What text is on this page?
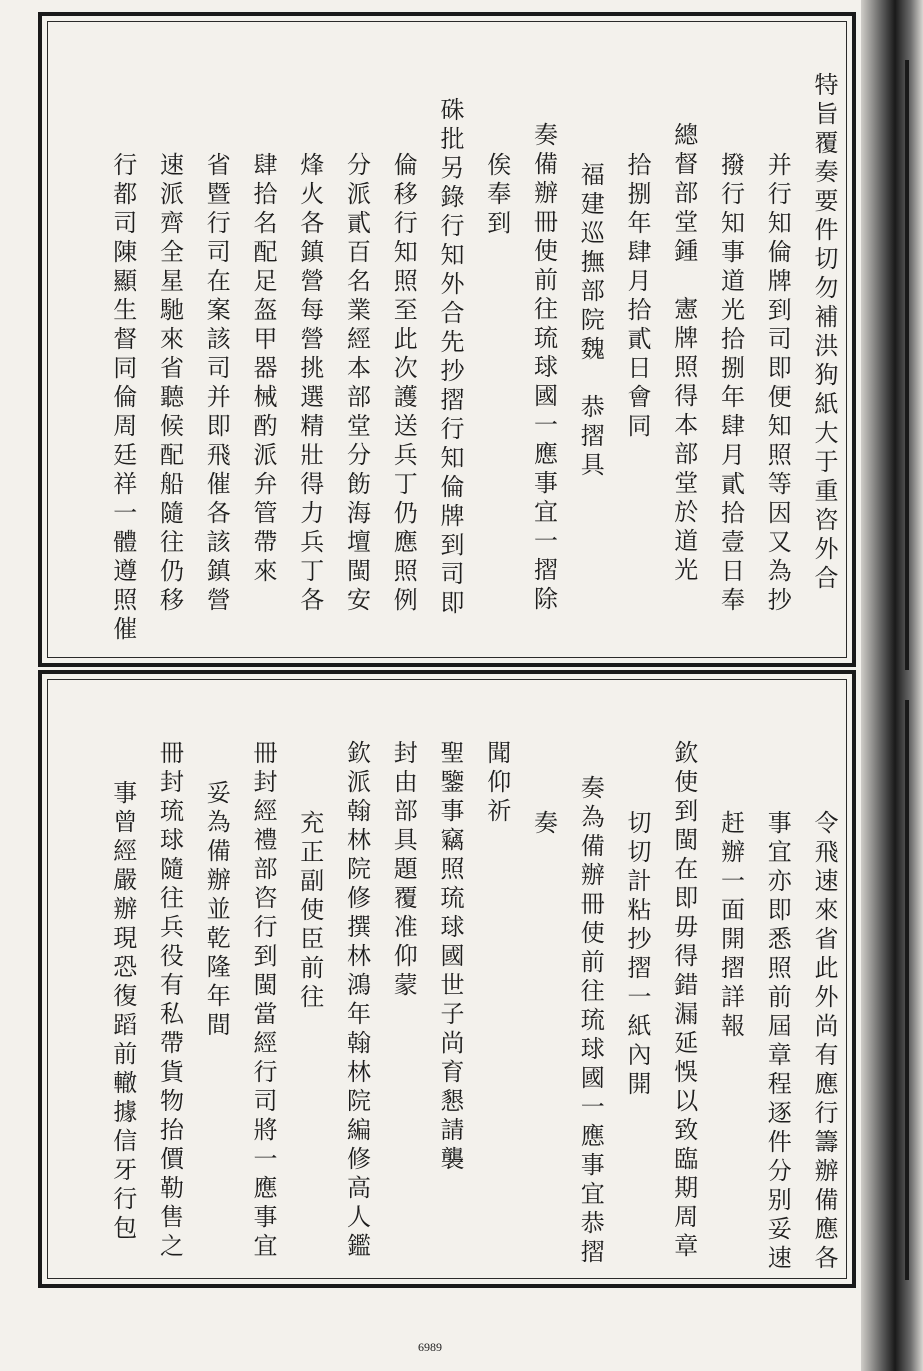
特旨覆奏要件切勿補洪狗紙大于重咨外合
并行知倫牌到司即便知照等因又為抄
撥行知事道光拾捌年肆月貳拾壹日奉
總督部堂鍾　憲牌照得本部堂於道光
拾捌年肆月拾貳日會同
福建巡撫部院魏　恭摺具
奏備辦冊使前往琉球國一應事宜一摺除
俟奉到
硃批另錄行知外合先抄摺行知倫牌到司即
倫移行知照至此次護送兵丁仍應照例
分派貳百名業經本部堂分飭海壇閩安
烽火各鎮營每營挑選精壯得力兵丁各
肆拾名配足盔甲器械酌派弁管帶來
省暨行司在案該司并即飛催各該鎮營
速派齊全星馳來省聽候配船隨往仍移
行都司陳顯生督同倫周廷祥一體遵照催
令飛速來省此外尚有應行籌辦備應各
事宜亦即悉照前屆章程逐件分别妥速
赶辦一面開摺詳報
欽使到閩在即毋得錯漏延悞以致臨期周章
切切計粘抄摺一紙內開
奏為備辦冊使前往琉球國一應事宜恭摺
奏
聞仰祈
聖鑒事竊照琉球國世子尚育懇請襲
封由部具題覆准仰蒙
欽派翰林院修撰林鴻年翰林院編修高人鑑
充正副使臣前往
冊封經禮部咨行到閩當經行司將一應事宜
妥為備辦並乾隆年間
冊封琉球隨往兵役有私帶貨物抬價勒售之
事曾經嚴辦現恐復蹈前轍據信牙行包
6989
